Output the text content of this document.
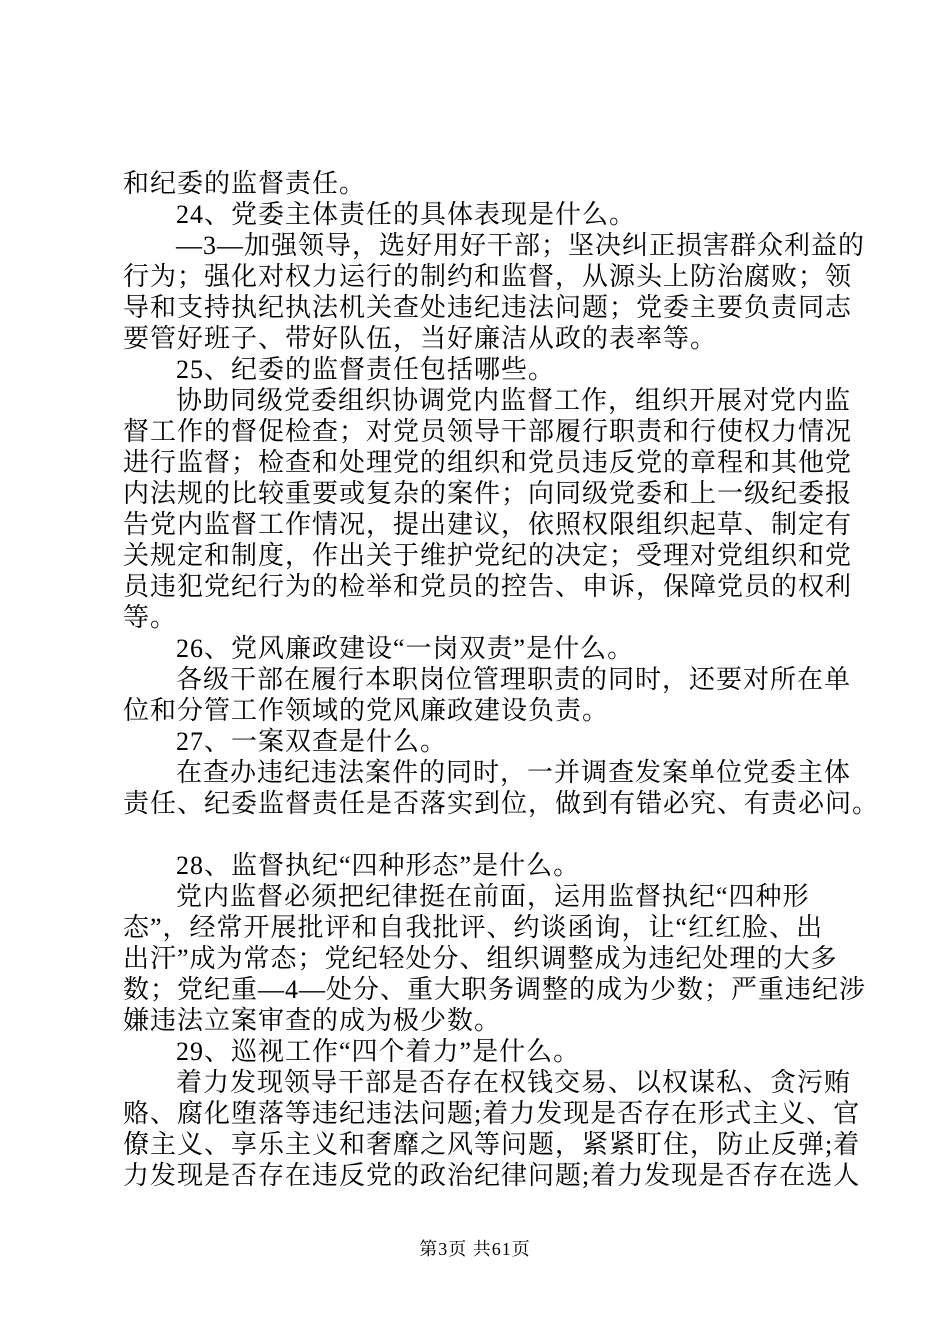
和纪委的监督责任。
24、党委主体责任的具体表现是什么。
—3—加强领导，选好用好干部；坚决纠正损害群众利益的
行为；强化对权力运行的制约和监督，从源头上防治腐败；领
导和支持执纪执法机关查处违纪违法问题；党委主要负责同志
要管好班子、带好队伍，当好廉洁从政的表率等。
25、纪委的监督责任包括哪些。
协助同级党委组织协调党内监督工作，组织开展对党内监
督工作的督促检查；对党员领导干部履行职责和行使权力情况
进行监督；检查和处理党的组织和党员违反党的章程和其他党
内法规的比较重要或复杂的案件；向同级党委和上一级纪委报
告党内监督工作情况，提出建议，依照权限组织起草、制定有
关规定和制度，作出关于维护党纪的决定；受理对党组织和党
员违犯党纪行为的检举和党员的控告、申诉，保障党员的权利
等。
26、党风廉政建设“一岗双责”是什么。
各级干部在履行本职岗位管理职责的同时，还要对所在单
位和分管工作领域的党风廉政建设负责。
27、一案双查是什么。
在查办违纪违法案件的同时，一并调查发案单位党委主体
责任、纪委监督责任是否落实到位，做到有错必究、有责必问。
28、监督执纪“四种形态”是什么。
党内监督必须把纪律挺在前面，运用监督执纪“四种形
态”，经常开展批评和自我批评、约谈函询，让“红红脸、出
出汗”成为常态；党纪轻处分、组织调整成为违纪处理的大多
数；党纪重—4—处分、重大职务调整的成为少数；严重违纪涉
嫌违法立案审查的成为极少数。
29、巡视工作“四个着力”是什么。
着力发现领导干部是否存在权钱交易、以权谋私、贪污贿
赂、腐化堕落等违纪违法问题;着力发现是否存在形式主义、官
僚主义、享乐主义和奢靡之风等问题，紧紧盯住，防止反弹;着
力发现是否存在违反党的政治纪律问题;着力发现是否存在选人
第3页 共61页
